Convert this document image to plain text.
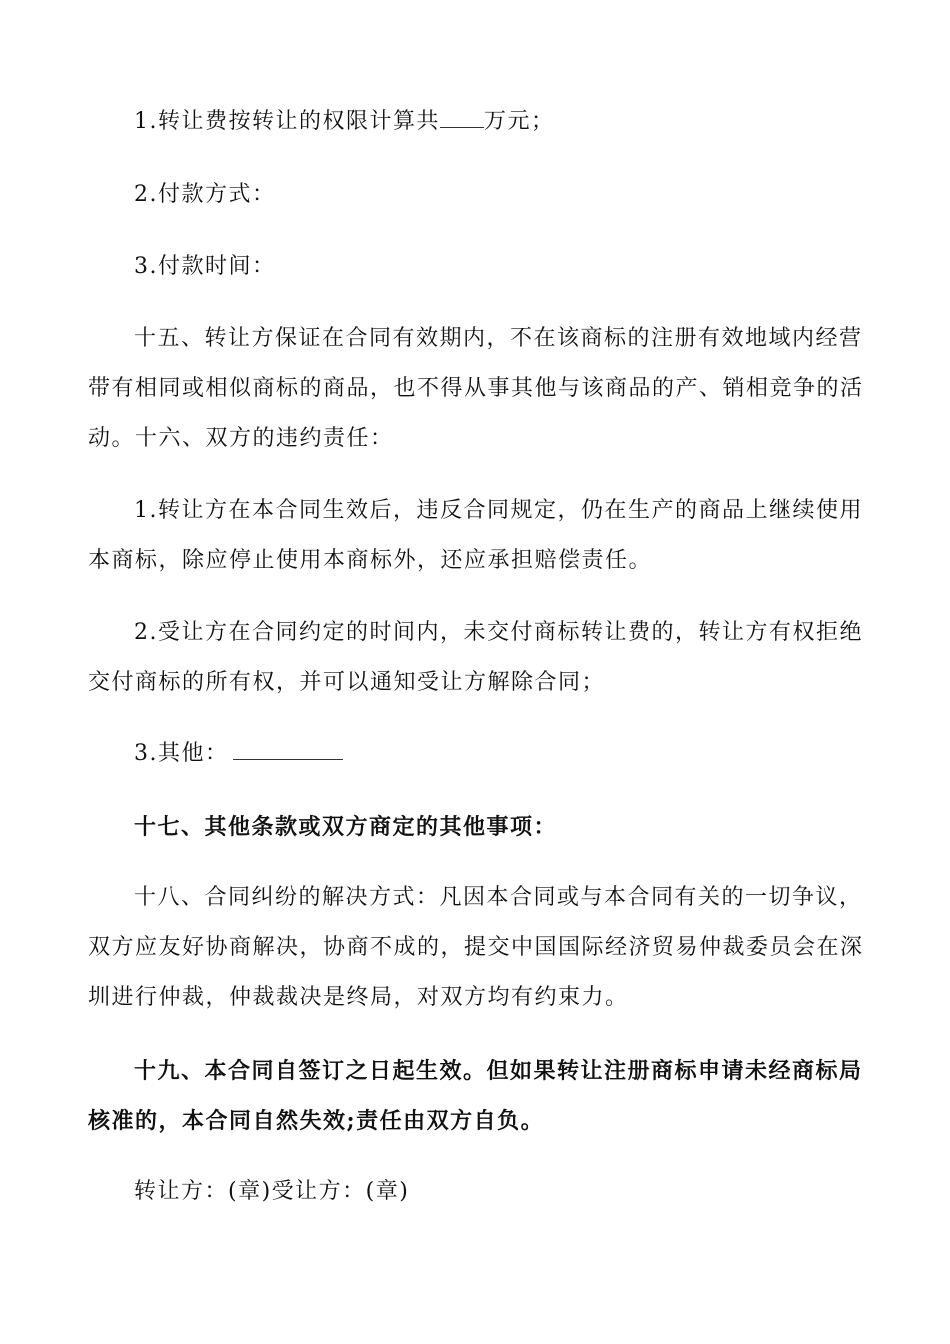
1.转让费按转让的权限计算共 万元；

2.付款方式：

3.付款时间：

十五、转让方保证在合同有效期内，不在该商标的注册有效地域内经营带有相同或相似商标的商品，也不得从事其他与该商品的产、销相竞争的活动。十六、双方的违约责任：

1.转让方在本合同生效后，违反合同规定，仍在生产的商品上继续使用本商标，除应停止使用本商标外，还应承担赔偿责任。

2.受让方在合同约定的时间内，未交付商标转让费的，转让方有权拒绝交付商标的所有权，并可以通知受让方解除合同；

3.其他：

十七、其他条款或双方商定的其他事项：

十八、合同纠纷的解决方式：凡因本合同或与本合同有关的一切争议，双方应友好协商解决，协商不成的，提交中国国际经济贸易仲裁委员会在深圳进行仲裁，仲裁裁决是终局，对双方均有约束力。

十九、本合同自签订之日起生效。但如果转让注册商标申请未经商标局核准的，本合同自然失效;责任由双方自负。

转让方：(章)受让方：(章)
